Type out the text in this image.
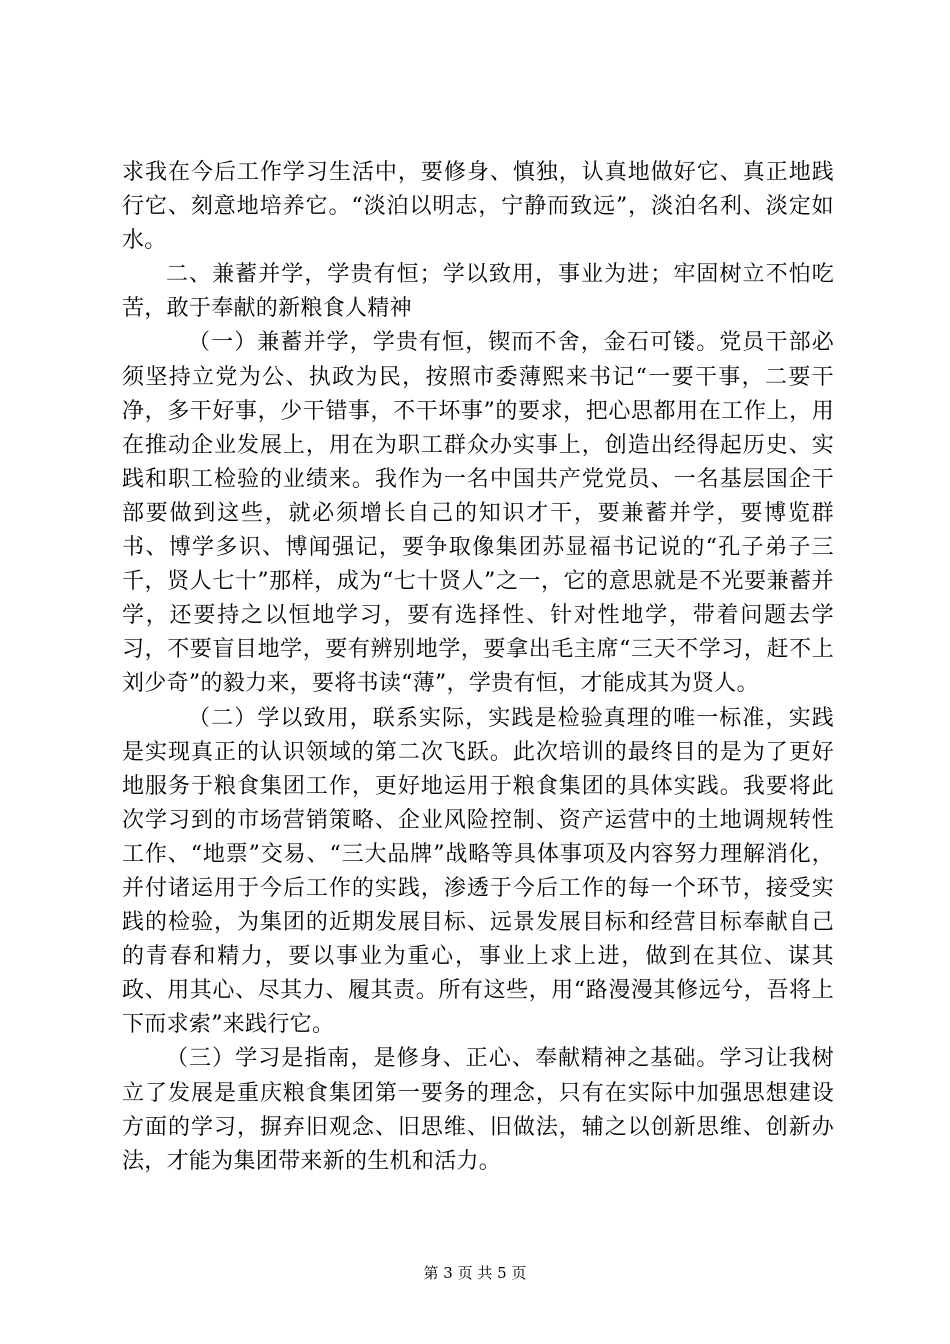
求我在今后工作学习生活中，要修身、慎独，认真地做好它、真正地践行它、刻意地培养它。“淡泊以明志，宁静而致远”，淡泊名利、淡定如水。

二、兼蓄并学，学贵有恒；学以致用，事业为进；牢固树立不怕吃苦，敢于奉献的新粮食人精神

（一）兼蓄并学，学贵有恒，锲而不舍，金石可镂。党员干部必须坚持立党为公、执政为民，按照市委薄熙来书记“一要干事，二要干净，多干好事，少干错事，不干坏事”的要求，把心思都用在工作上，用在推动企业发展上，用在为职工群众办实事上，创造出经得起历史、实践和职工检验的业绩来。我作为一名中国共产党党员、一名基层国企干部要做到这些，就必须增长自己的知识才干，要兼蓄并学，要博览群书、博学多识、博闻强记，要争取像集团苏显福书记说的“孔子弟子三千，贤人七十”那样，成为“七十贤人”之一，它的意思就是不光要兼蓄并学，还要持之以恒地学习，要有选择性、针对性地学，带着问题去学习，不要盲目地学，要有辨别地学，要拿出毛主席“三天不学习，赶不上刘少奇”的毅力来，要将书读“薄”，学贵有恒，才能成其为贤人。

（二）学以致用，联系实际，实践是检验真理的唯一标准，实践是实现真正的认识领域的第二次飞跃。此次培训的最终目的是为了更好地服务于粮食集团工作，更好地运用于粮食集团的具体实践。我要将此次学习到的市场营销策略、企业风险控制、资产运营中的土地调规转性工作、“地票”交易、“三大品牌”战略等具体事项及内容努力理解消化，并付诸运用于今后工作的实践，渗透于今后工作的每一个环节，接受实践的检验，为集团的近期发展目标、远景发展目标和经营目标奉献自己的青春和精力，要以事业为重心，事业上求上进，做到在其位、谋其政、用其心、尽其力、履其责。所有这些，用“路漫漫其修远兮，吾将上下而求索”来践行它。

（三）学习是指南，是修身、正心、奉献精神之基础。学习让我树立了发展是重庆粮食集团第一要务的理念，只有在实际中加强思想建设方面的学习，摒弃旧观念、旧思维、旧做法，辅之以创新思维、创新办法，才能为集团带来新的生机和活力。

第 3 页 共 5 页
